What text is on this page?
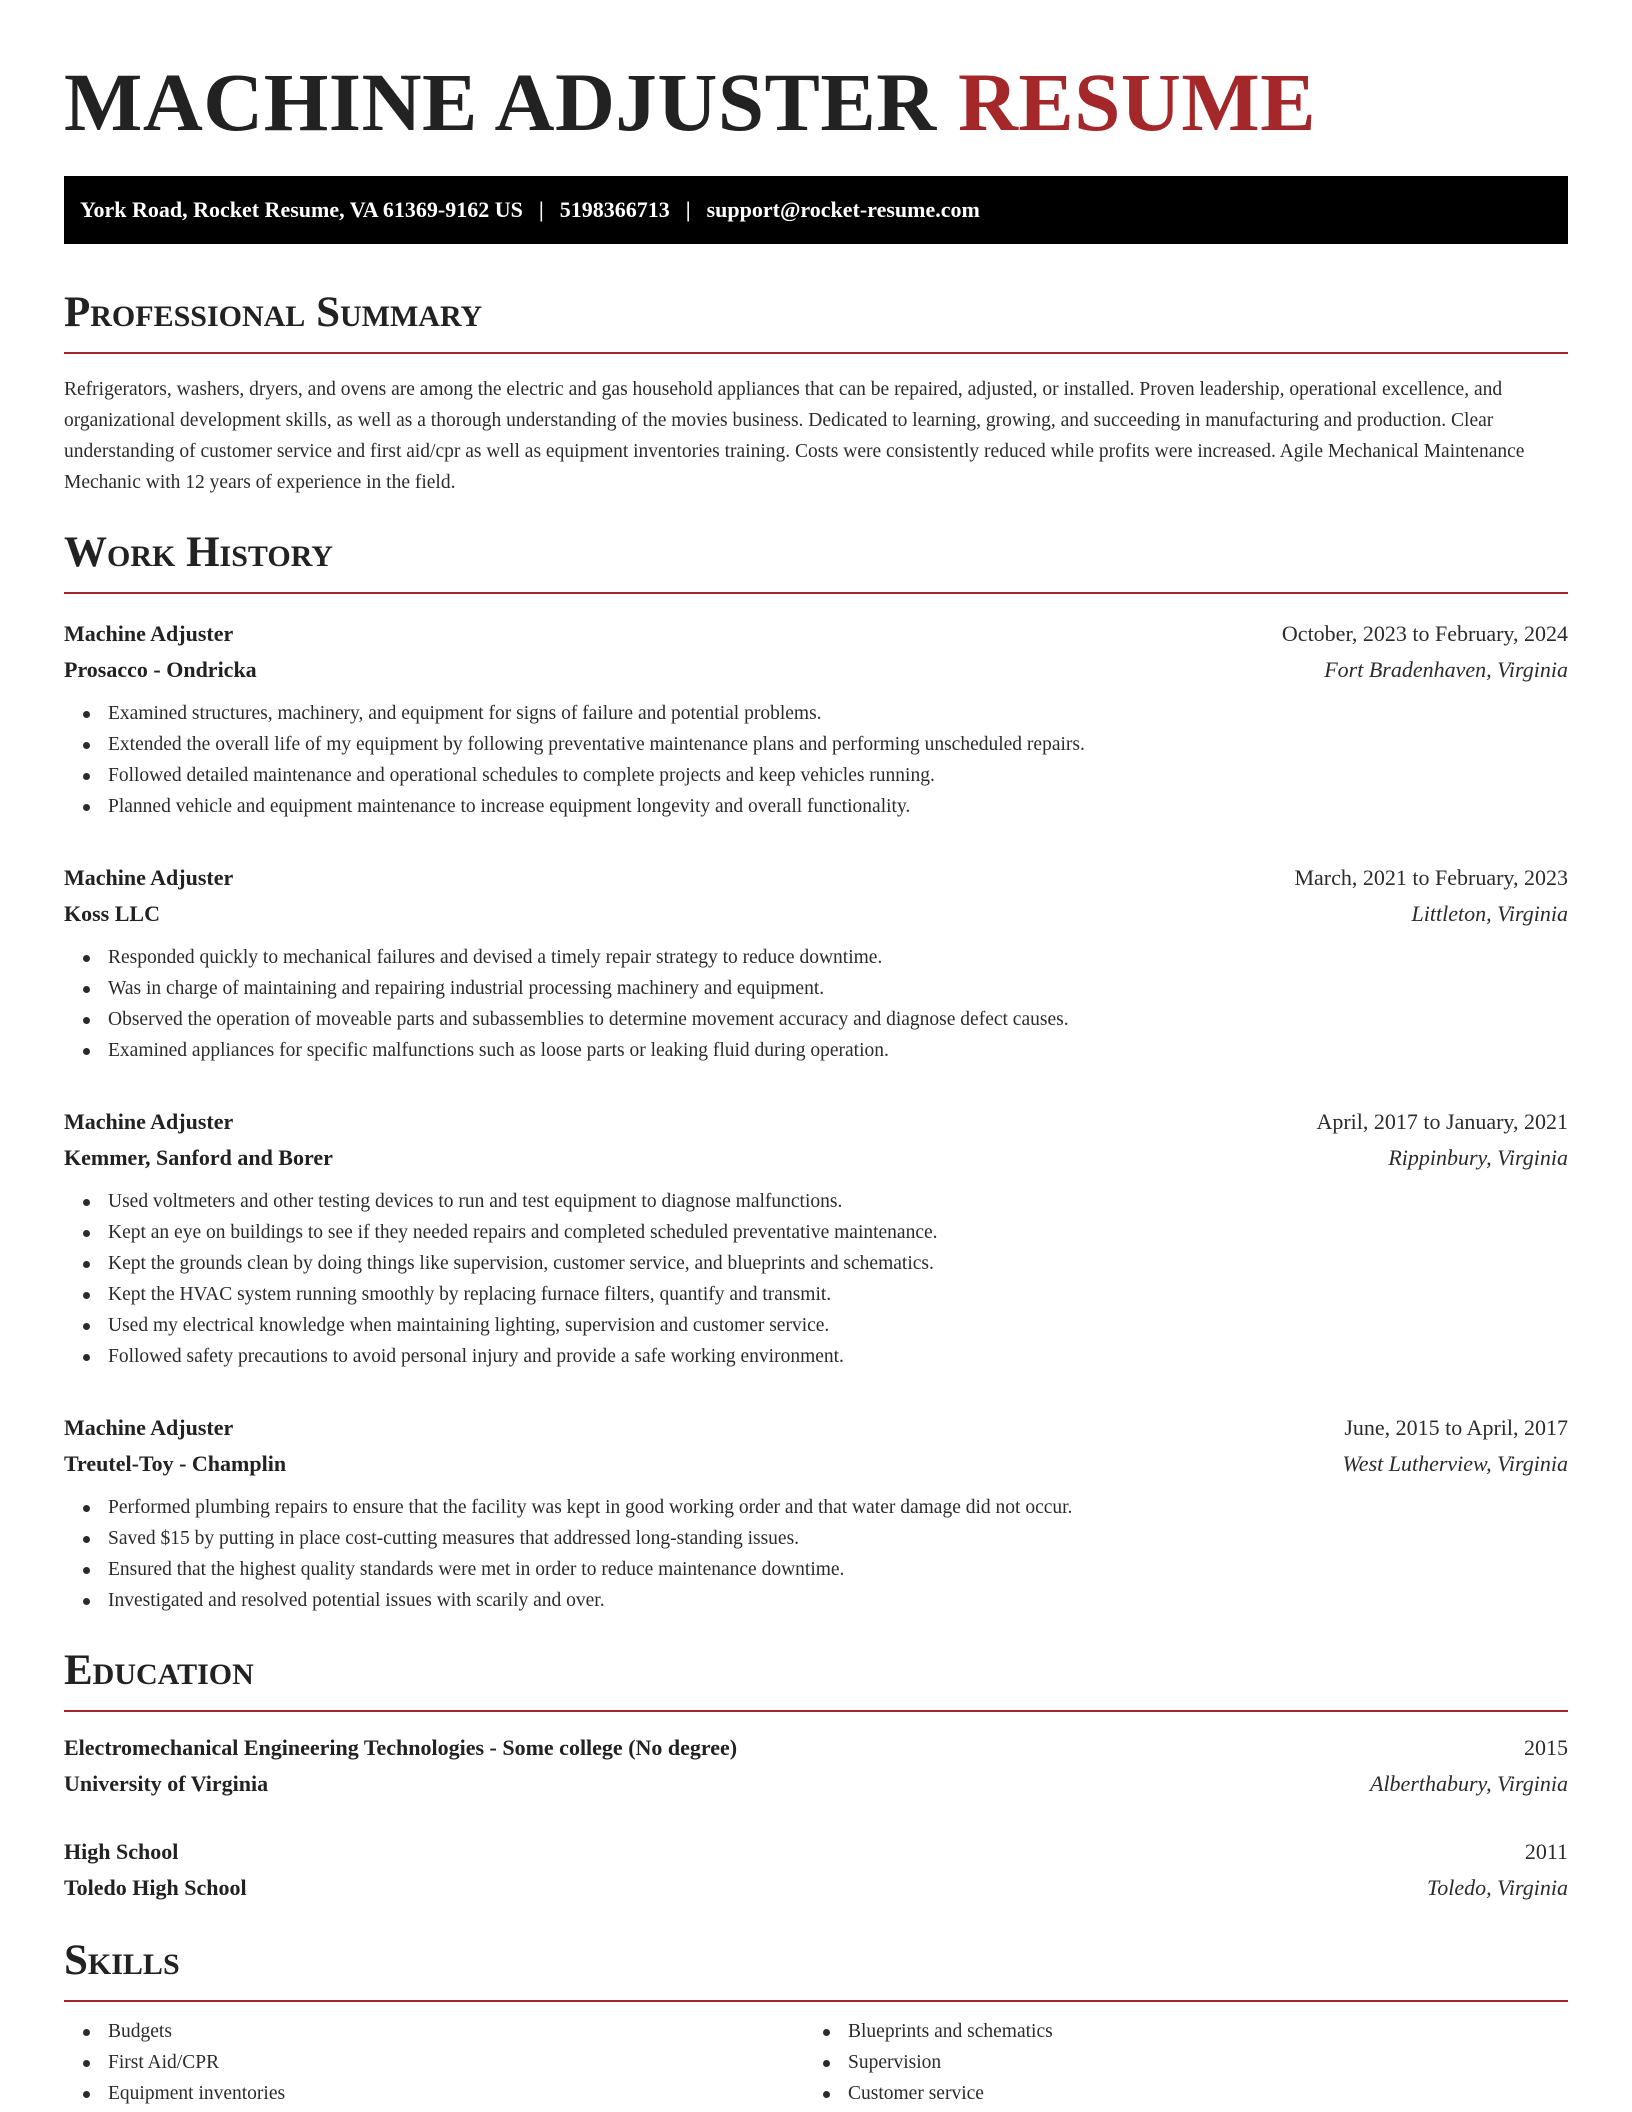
MACHINE ADJUSTER RESUME
York Road, Rocket Resume, VA 61369-9162 US | 5198366713 | support@rocket-resume.com
Professional Summary

Refrigerators, washers, dryers, and ovens are among the electric and gas household appliances that can be repaired, adjusted, or installed. Proven leadership, operational excellence, and organizational development skills, as well as a thorough understanding of the movies business. Dedicated to learning, growing, and succeeding in manufacturing and production. Clear understanding of customer service and first aid/cpr as well as equipment inventories training. Costs were consistently reduced while profits were increased. Agile Mechanical Maintenance Mechanic with 12 years of experience in the field.

Work History
Machine Adjuster	October, 2023 to February, 2024
Prosacco - Ondricka	Fort Bradenhaven, Virginia
Examined structures, machinery, and equipment for signs of failure and potential problems.
Extended the overall life of my equipment by following preventative maintenance plans and performing unscheduled repairs.
Followed detailed maintenance and operational schedules to complete projects and keep vehicles running.
Planned vehicle and equipment maintenance to increase equipment longevity and overall functionality.
Machine Adjuster	March, 2021 to February, 2023
Koss LLC	Littleton, Virginia
Responded quickly to mechanical failures and devised a timely repair strategy to reduce downtime.
Was in charge of maintaining and repairing industrial processing machinery and equipment.
Observed the operation of moveable parts and subassemblies to determine movement accuracy and diagnose defect causes.
Examined appliances for specific malfunctions such as loose parts or leaking fluid during operation.
Machine Adjuster	April, 2017 to January, 2021
Kemmer, Sanford and Borer	Rippinbury, Virginia
Used voltmeters and other testing devices to run and test equipment to diagnose malfunctions.
Kept an eye on buildings to see if they needed repairs and completed scheduled preventative maintenance.
Kept the grounds clean by doing things like supervision, customer service, and blueprints and schematics.
Kept the HVAC system running smoothly by replacing furnace filters, quantify and transmit.
Used my electrical knowledge when maintaining lighting, supervision and customer service.
Followed safety precautions to avoid personal injury and provide a safe working environment.
Machine Adjuster	June, 2015 to April, 2017
Treutel-Toy - Champlin	West Lutherview, Virginia
Performed plumbing repairs to ensure that the facility was kept in good working order and that water damage did not occur.
Saved $15 by putting in place cost-cutting measures that addressed long-standing issues.
Ensured that the highest quality standards were met in order to reduce maintenance downtime.
Investigated and resolved potential issues with scarily and over.
Education
Electromechanical Engineering Technologies - Some college (No degree)	2015
University of Virginia	Alberthabury, Virginia
High School	2011
Toledo High School	Toledo, Virginia
Skills
Budgets
First Aid/CPR
Equipment inventories
Blueprints and schematics
Supervision
Customer service
